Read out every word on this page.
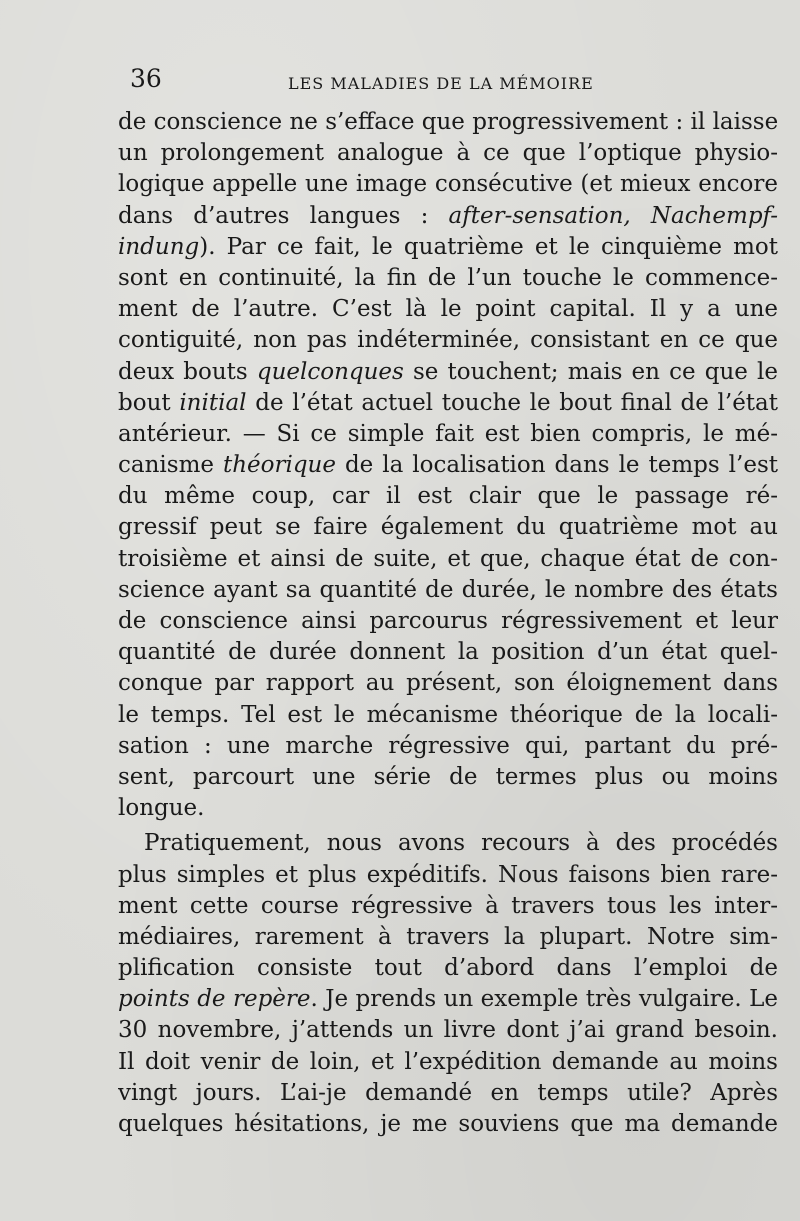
36	LES MALADIES DE LA MÉMOIRE
de conscience ne s’efface que progressivement : il laisse
un prolongement analogue à ce que l’optique physio-
logique appelle une image consécutive (et mieux encore
dans d’autres langues : after-sensation, Nachempf-
indung). Par ce fait, le quatrième et le cinquième mot
sont en continuité, la fin de l’un touche le commence-
ment de l’autre. C’est là le point capital. Il y a une
contiguité, non pas indéterminée, consistant en ce que
deux bouts quelconques se touchent; mais en ce que le
bout initial de l’état actuel touche le bout final de l’état
antérieur. — Si ce simple fait est bien compris, le mé-
canisme théorique de la localisation dans le temps l’est
du même coup, car il est clair que le passage ré-
gressif peut se faire également du quatrième mot au
troisième et ainsi de suite, et que, chaque état de con-
science ayant sa quantité de durée, le nombre des états
de conscience ainsi parcourus régressivement et leur
quantité de durée donnent la position d’un état quel-
conque par rapport au présent, son éloignement dans
le temps. Tel est le mécanisme théorique de la locali-
sation : une marche régressive qui, partant du pré-
sent, parcourt une série de termes plus ou moins
longue.
Pratiquement, nous avons recours à des procédés
plus simples et plus expéditifs. Nous faisons bien rare-
ment cette course régressive à travers tous les inter-
médiaires, rarement à travers la plupart. Notre sim-
plification consiste tout d’abord dans l’emploi de
points de repère. Je prends un exemple très vulgaire. Le
30 novembre, j’attends un livre dont j’ai grand besoin.
Il doit venir de loin, et l’expédition demande au moins
vingt jours. L’ai-je demandé en temps utile? Après
quelques hésitations, je me souviens que ma demande
